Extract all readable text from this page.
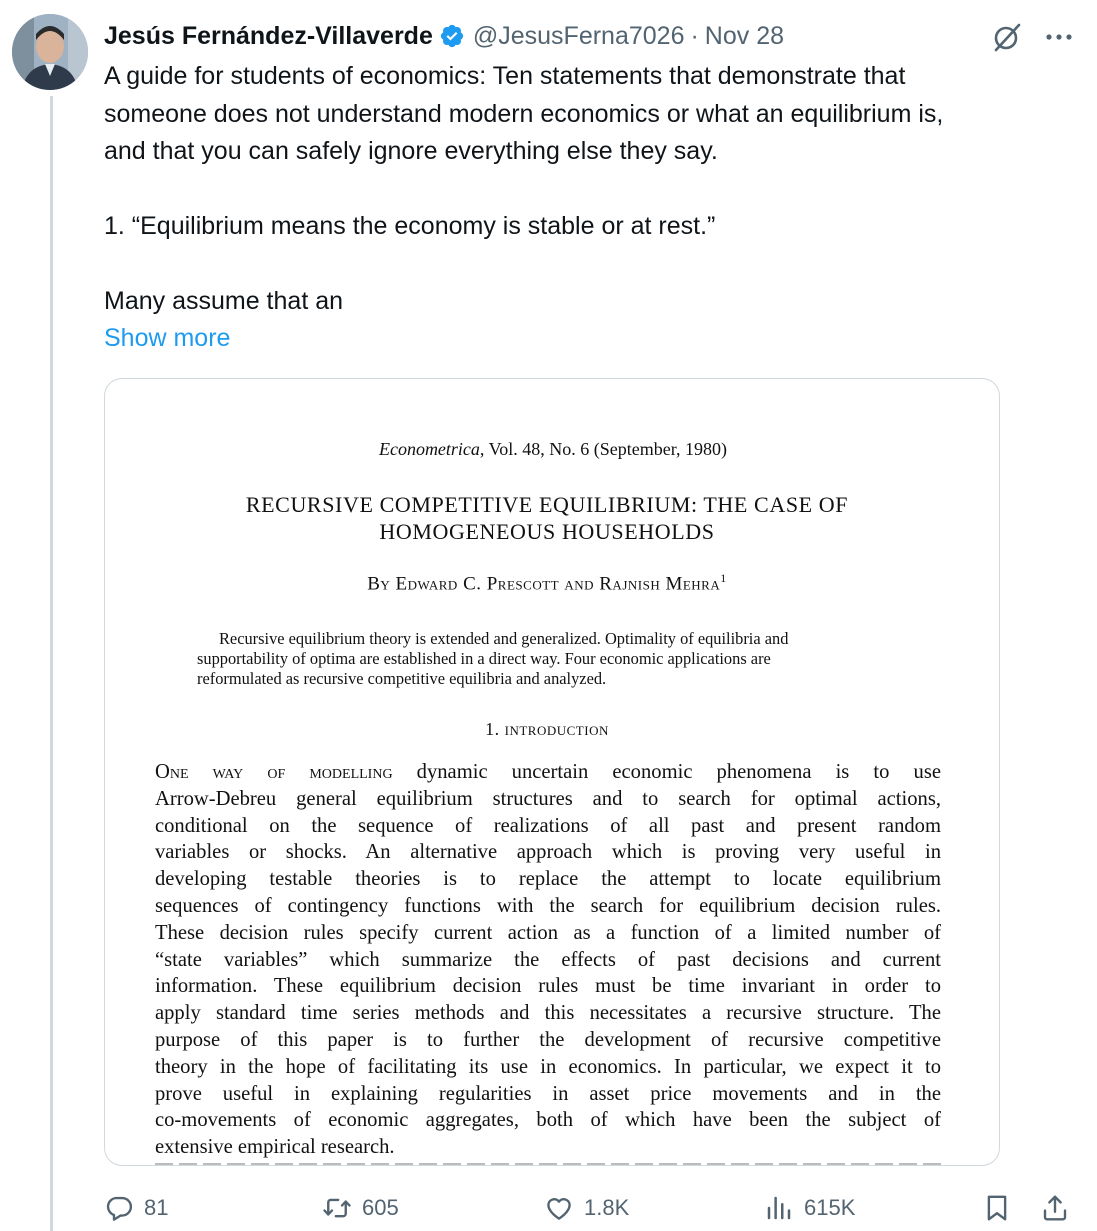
Jesús Fernández-Villaverde @JesusFerna7026 · Nov 28

A guide for students of economics: Ten statements that demonstrate that

someone does not understand modern economics or what an equilibrium is,

and that you can safely ignore everything else they say.

1. “Equilibrium means the economy is stable or at rest.”

Many assume that an

Show more
Econometrica, Vol. 48, No. 6 (September, 1980)
RECURSIVE COMPETITIVE EQUILIBRIUM: THE CASE OF
HOMOGENEOUS HOUSEHOLDS
By Edward C. Prescott and Rajnish Mehra$^1$

Recursive equilibrium theory is extended and generalized. Optimality of equilibria and

supportability of optima are established in a direct way. Four economic applications are

reformulated as recursive competitive equilibria and analyzed.

1. introduction

One way of modelling dynamic uncertain economic phenomena is to use

Arrow-Debreu general equilibrium structures and to search for optimal actions,

conditional on the sequence of realizations of all past and present random

variables or shocks. An alternative approach which is proving very useful in

developing testable theories is to replace the attempt to locate equilibrium

sequences of contingency functions with the search for equilibrium decision rules.

These decision rules specify current action as a function of a limited number of

“state variables” which summarize the effects of past decisions and current

information. These equilibrium decision rules must be time invariant in order to

apply standard time series methods and this necessitates a recursive structure. The

purpose of this paper is to further the development of recursive competitive

theory in the hope of facilitating its use in economics. In particular, we expect it to

prove useful in explaining regularities in asset price movements and in the

co-movements of economic aggregates, both of which have been the subject of

extensive empirical research.

81	605	1.8K	615K
